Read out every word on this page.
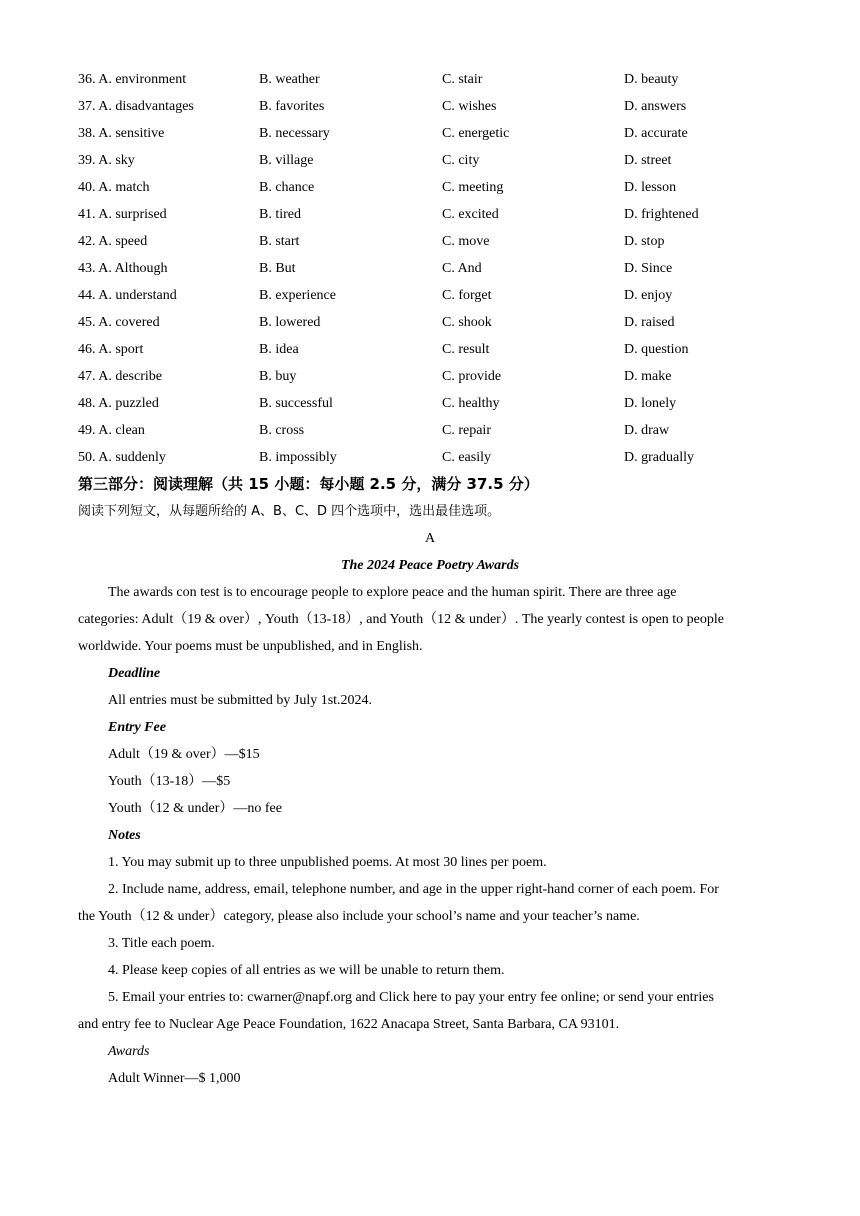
36. A. environment	B. weather	C. stair	D. beauty
37. A. disadvantages	B. favorites	C. wishes	D. answers
38. A. sensitive	B. necessary	C. energetic	D. accurate
39. A. sky	B. village	C. city	D. street
40. A. match	B. chance	C. meeting	D. lesson
41. A. surprised	B. tired	C. excited	D. frightened
42. A. speed	B. start	C. move	D. stop
43. A. Although	B. But	C. And	D. Since
44. A. understand	B. experience	C. forget	D. enjoy
45. A. covered	B. lowered	C. shook	D. raised
46. A. sport	B. idea	C. result	D. question
47. A. describe	B. buy	C. provide	D. make
48. A. puzzled	B. successful	C. healthy	D. lonely
49. A. clean	B. cross	C. repair	D. draw
50. A. suddenly	B. impossibly	C. easily	D. gradually
第三部分：阅读理解（共 15 小题：每小题 2.5 分，满分 37.5 分）
阅读下列短文，从每题所给的 A、B、C、D 四个选项中，选出最佳选项。
A
The 2024 Peace Poetry Awards
The awards con test is to encourage people to explore peace and the human spirit. There are three age
categories: Adult（19 & over）, Youth（13-18）, and Youth（12 & under）. The yearly contest is open to people
worldwide. Your poems must be unpublished, and in English.
Deadline
All entries must be submitted by July 1st.2024.
Entry Fee
Adult（19 & over）—$15
Youth（13-18）—$5
Youth（12 & under）—no fee
Notes
1. You may submit up to three unpublished poems. At most 30 lines per poem.
2. Include name, address, email, telephone number, and age in the upper right-hand corner of each poem. For
the Youth（12 & under）category, please also include your school’s name and your teacher’s name.
3. Title each poem.
4. Please keep copies of all entries as we will be unable to return them.
5. Email your entries to: cwarner@napf.org and Click here to pay your entry fee online; or send your entries
and entry fee to Nuclear Age Peace Foundation, 1622 Anacapa Street, Santa Barbara, CA 93101.
Awards
Adult Winner—$ 1,000
